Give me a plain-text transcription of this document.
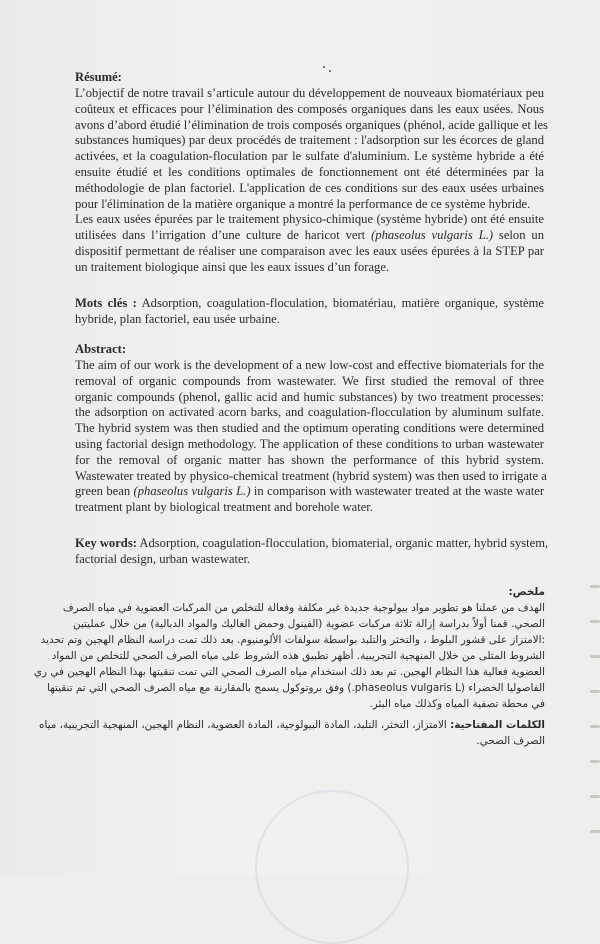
Résumé:
L’objectif de notre travail s’articule autour du développement de nouveaux biomatériaux peu
coûteux et efficaces pour l’élimination des composés organiques dans les eaux usées. Nous
avons d’abord étudié l’élimination de trois composés organiques (phénol, acide gallique et les
substances humiques) par deux procédés de traitement : l'adsorption sur les écorces de gland
activées, et la coagulation-floculation par le sulfate d'aluminium. Le système hybride a été
ensuite étudié et les conditions optimales de fonctionnement ont été déterminées par la
méthodologie de plan factoriel. L'application de ces conditions sur des eaux usées urbaines
pour l'élimination de la matière organique a montré la performance de ce système hybride.
Les eaux usées épurées par le traitement physico-chimique (système hybride) ont été ensuite
utilisées dans l’irrigation d’une culture de haricot vert (phaseolus vulgaris L.) selon un
dispositif permettant de réaliser une comparaison avec les eaux usées épurées à la STEP par
un traitement biologique ainsi que les eaux issues d’un forage.
Mots clés : Adsorption, coagulation-floculation, biomatériau, matière organique, système
hybride, plan factoriel, eau usée urbaine.
Abstract:
The aim of our work is the development of a new low-cost and effective biomaterials for the
removal of organic compounds from wastewater. We first studied the removal of three
organic compounds (phenol, gallic acid and humic substances) by two treatment processes:
the adsorption on activated acorn barks, and coagulation-flocculation by aluminum sulfate.
The hybrid system was then studied and the optimum operating conditions were determined
using factorial design methodology. The application of these conditions to urban wastewater
for the removal of organic matter has shown the performance of this hybrid system.
Wastewater treated by physico-chemical treatment (hybrid system) was then used to irrigate a
green bean (phaseolus vulgaris L.) in comparison with wastewater treated at the waste water
treatment plant by biological treatment and borehole water.
Key words: Adsorption, coagulation-flocculation, biomaterial, organic matter, hybrid system,
factorial design, urban wastewater.
ملخص:
الهدف من عملنا هو تطوير مواد بيولوجية جديدة غير مكلفة وفعالة للتخلص من المركبات العضوية في مياه الصرف
الصحي. قمنا أولاً بدراسة إزالة ثلاثة مركبات عضوية (الفينول وحمض الغاليك والمواد الدبالية) من خلال عمليتين
:الامتزاز على قشور البلوط ، والتخثر والتلبد بواسطة سولفات الألومنيوم. بعد ذلك تمت دراسة النظام الهجين وتم تحديد
الشروط المثلى من خلال المنهجية التجريبية. أظهر تطبيق هذه الشروط على مياه الصرف الصحي للتخلص من المواد
العضوية فعالية هذا النظام الهجين. تم بعد ذلك استخدام مياه الصرف الصحي التي تمت تنقيتها بهذا النظام الهجين في ري
الفاصوليا الخضراء (phaseolus vulgaris L.) وفق بروتوكول يسمح بالمقارنة مع مياه الصرف الصحي التي تم تنقيتها
في محطة تصفية المياه وكذلك مياه البئر.
الكلمات المفتاحية: الامتزاز، التخثر، التلبد، المادة البيولوجية، المادة العضوية، النظام الهجين، المنهجية التجريبية، مياه
الصرف الصحي.
